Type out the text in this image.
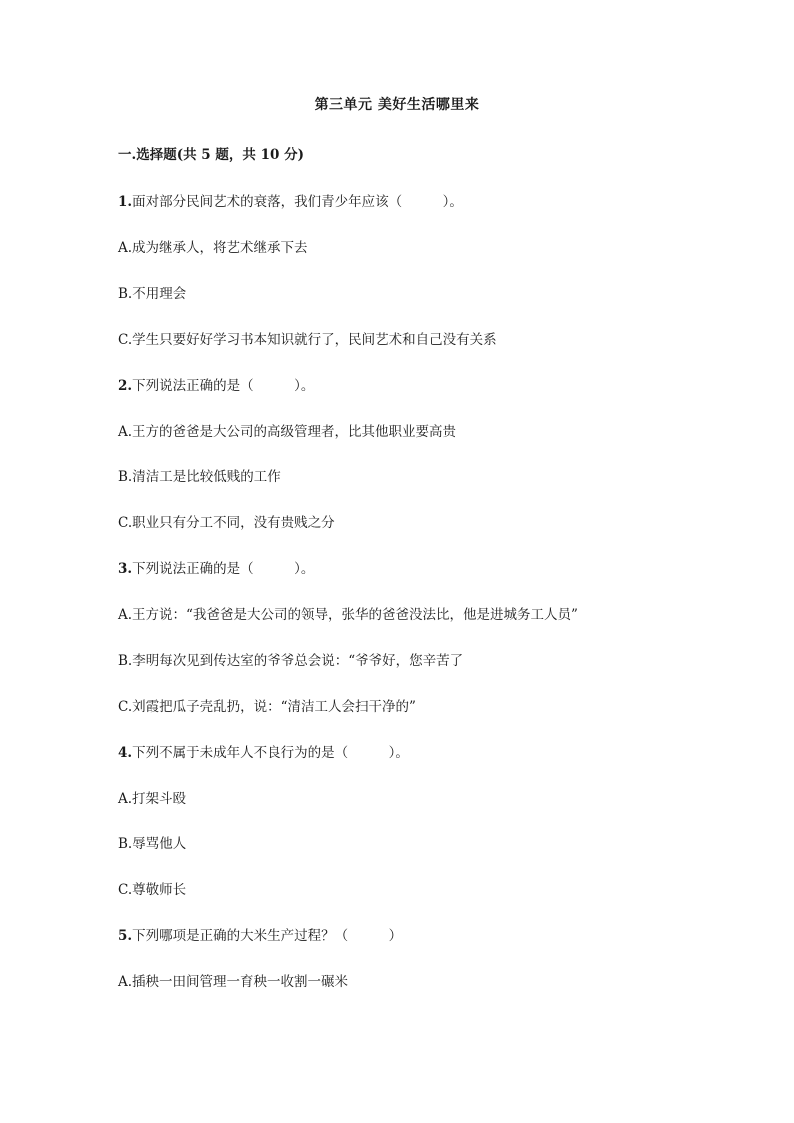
第三单元 美好生活哪里来
一.选择题(共 5 题，共 10 分)
1.面对部分民间艺术的衰落，我们青少年应该（　　　）。
A.成为继承人，将艺术继承下去
B.不用理会
C.学生只要好好学习书本知识就行了，民间艺术和自己没有关系
2.下列说法正确的是（　　　）。
A.王方的爸爸是大公司的高级管理者，比其他职业要高贵
B.清洁工是比较低贱的工作
C.职业只有分工不同，没有贵贱之分
3.下列说法正确的是（　　　）。
A.王方说：“我爸爸是大公司的领导，张华的爸爸没法比，他是进城务工人员”
B.李明每次见到传达室的爷爷总会说：“爷爷好，您辛苦了
C.刘霞把瓜子壳乱扔，说：“清洁工人会扫干净的”
4.下列不属于未成年人不良行为的是（　　　）。
A.打架斗殴
B.辱骂他人
C.尊敬师长
5.下列哪项是正确的大米生产过程？（　　　）
A.插秧一田间管理一育秧一收割一碾米
